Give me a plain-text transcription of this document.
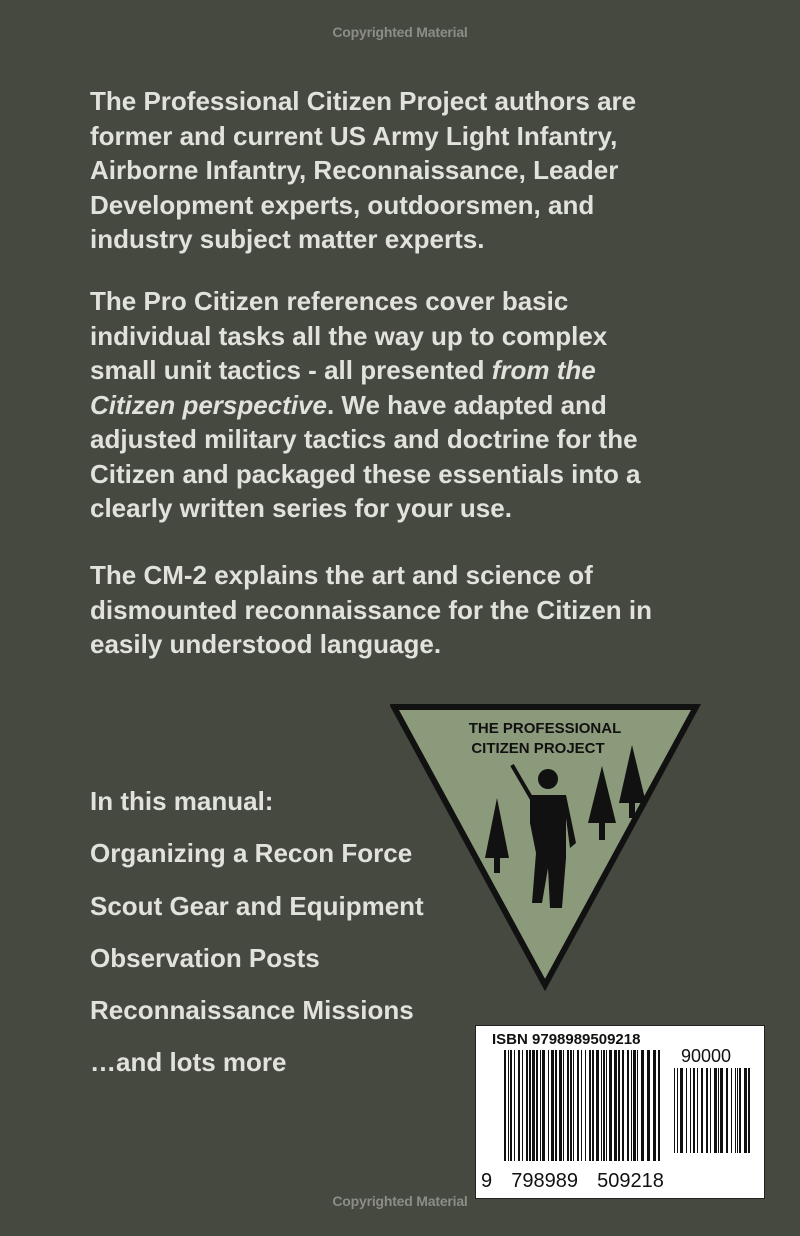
Copyrighted Material
The Professional Citizen Project authors are
former and current US Army Light Infantry,
Airborne Infantry, Reconnaissance, Leader
Development experts, outdoorsmen, and
industry subject matter experts.
The Pro Citizen references cover basic
individual tasks all the way up to complex
small unit tactics - all presented from the
Citizen perspective. We have adapted and
adjusted military tactics and doctrine for the
Citizen and packaged these essentials into a
clearly written series for your use.
The CM-2 explains the art and science of
dismounted reconnaissance for the Citizen in
easily understood language.
In this manual:
Organizing a Recon Force
Scout Gear and Equipment
Observation Posts
Reconnaissance Missions
…and lots more
THE PROFESSIONAL
CITIZEN PROJECT
ISBN 9798989509218
90000
9  798989  509218
Copyrighted Material
